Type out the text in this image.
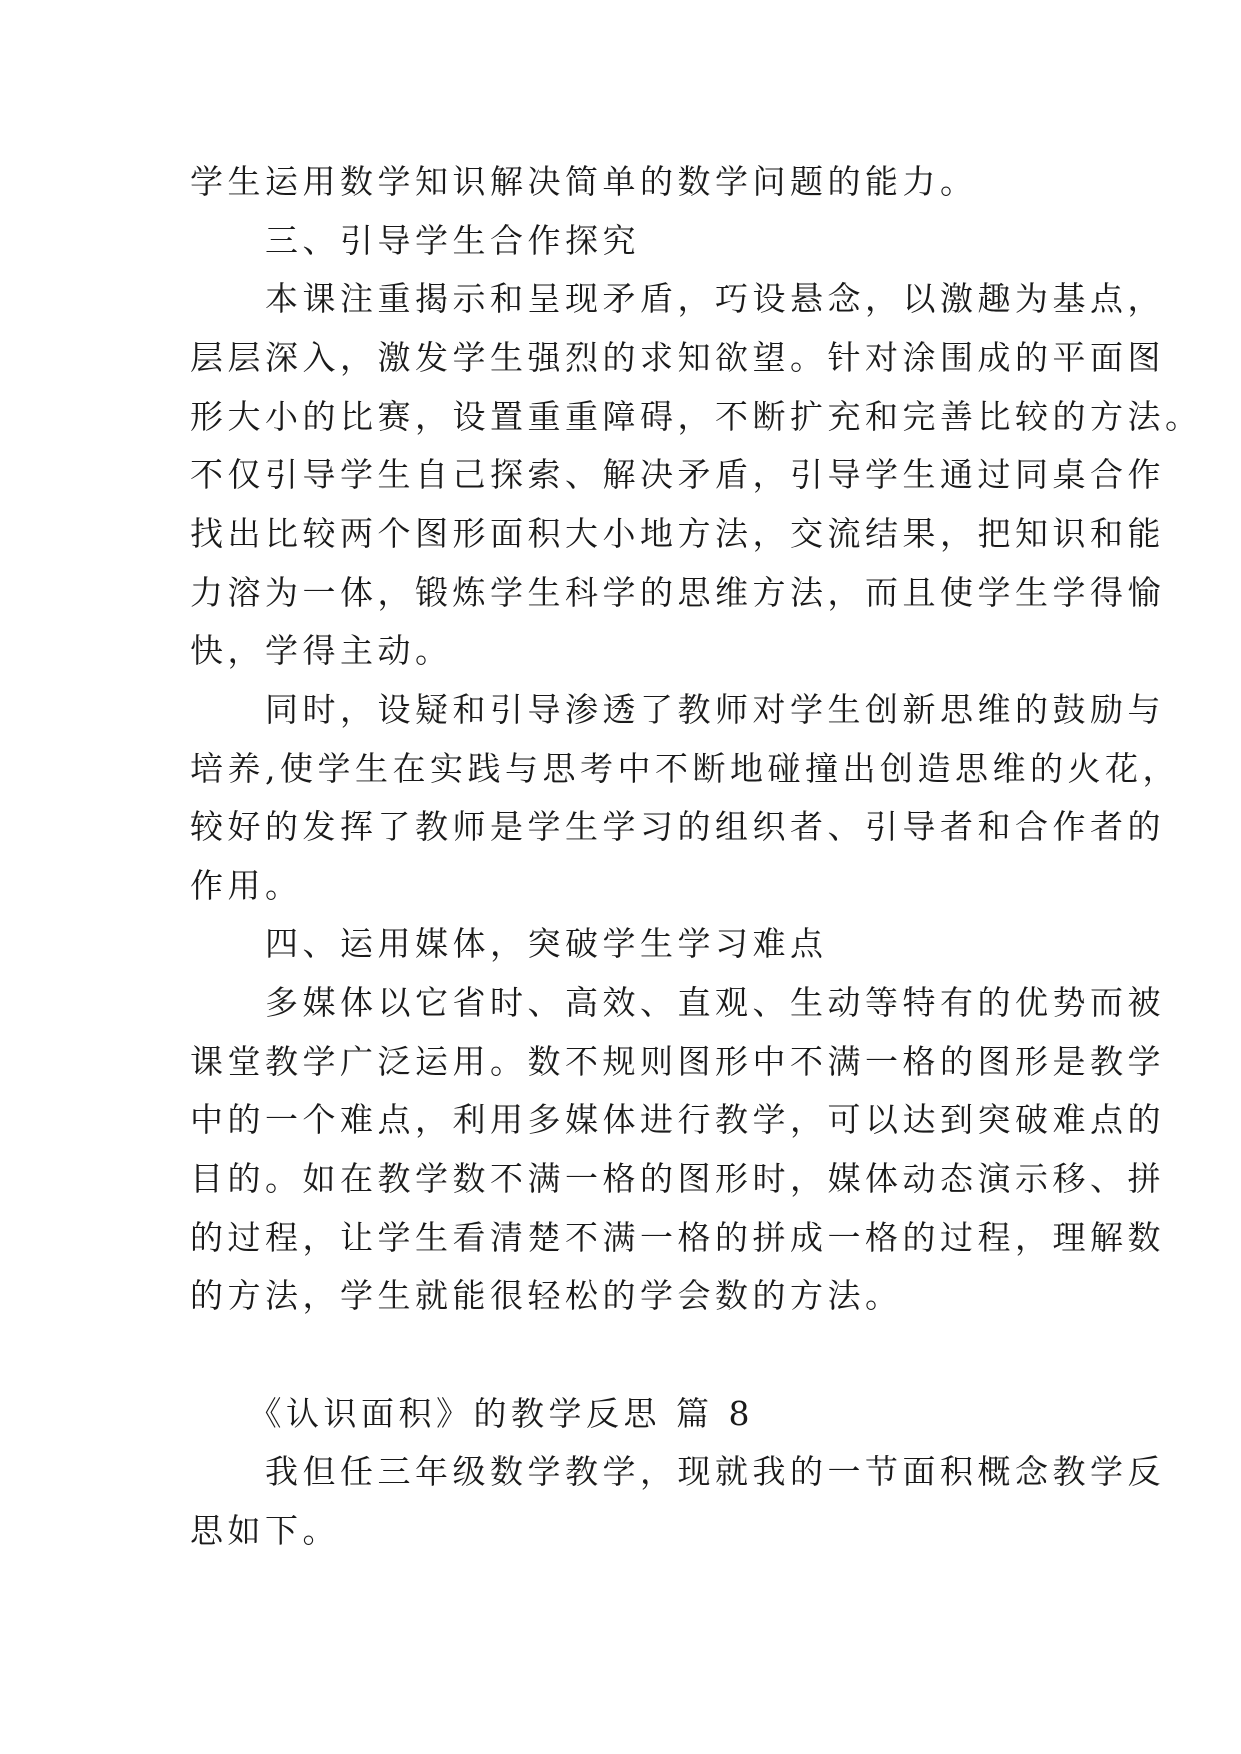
学生运用数学知识解决简单的数学问题的能力。
　　三、引导学生合作探究
　　本课注重揭示和呈现矛盾，巧设悬念，以激趣为基点，
层层深入，激发学生强烈的求知欲望。针对涂围成的平面图
形大小的比赛，设置重重障碍，不断扩充和完善比较的方法。
不仅引导学生自己探索、解决矛盾，引导学生通过同桌合作
找出比较两个图形面积大小地方法，交流结果，把知识和能
力溶为一体，锻炼学生科学的思维方法，而且使学生学得愉
快，学得主动。
　　同时，设疑和引导渗透了教师对学生创新思维的鼓励与
培养,使学生在实践与思考中不断地碰撞出创造思维的火花，
较好的发挥了教师是学生学习的组织者、引导者和合作者的
作用。
　　四、运用媒体，突破学生学习难点
　　多媒体以它省时、高效、直观、生动等特有的优势而被
课堂教学广泛运用。数不规则图形中不满一格的图形是教学
中的一个难点，利用多媒体进行教学，可以达到突破难点的
目的。如在教学数不满一格的图形时，媒体动态演示移、拼
的过程，让学生看清楚不满一格的拼成一格的过程，理解数
的方法，学生就能很轻松的学会数的方法。
　　《认识面积》的教学反思 篇 8
　　我但任三年级数学教学，现就我的一节面积概念教学反
思如下。
